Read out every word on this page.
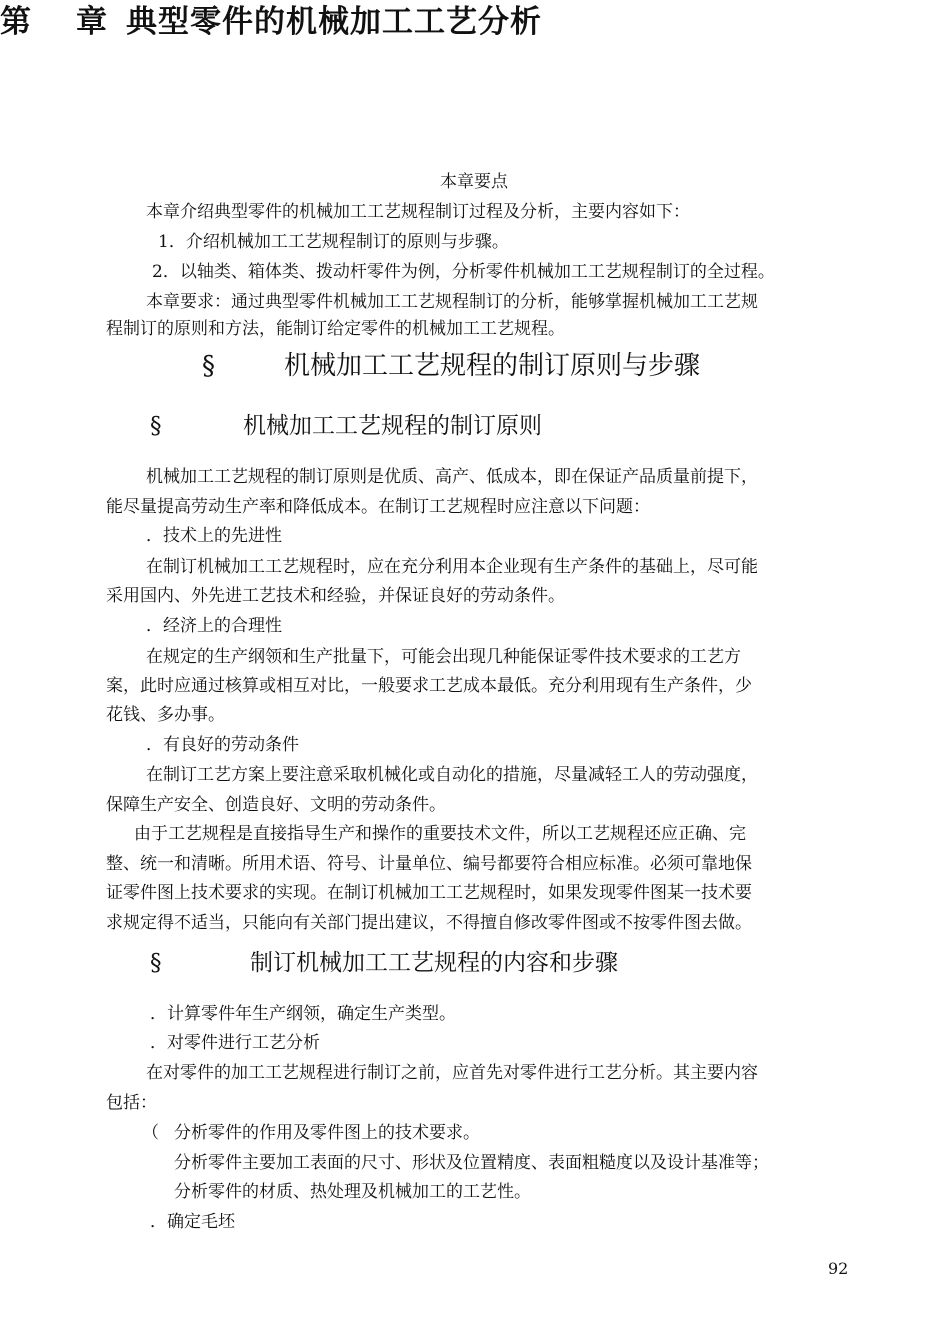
第 章 典型零件的机械加工工艺分析
本章要点
本章介绍典型零件的机械加工工艺规程制订过程及分析，主要内容如下：
1．介绍机械加工工艺规程制订的原则与步骤。
2．以轴类、箱体类、拨动杆零件为例，分析零件机械加工工艺规程制订的全过程。
本章要求：通过典型零件机械加工工艺规程制订的分析，能够掌握机械加工工艺规
程制订的原则和方法，能制订给定零件的机械加工工艺规程。
§	机械加工工艺规程的制订原则与步骤
§	机械加工工艺规程的制订原则
机械加工工艺规程的制订原则是优质、高产、低成本，即在保证产品质量前提下，
能尽量提高劳动生产率和降低成本。在制订工艺规程时应注意以下问题：
．技术上的先进性
在制订机械加工工艺规程时，应在充分利用本企业现有生产条件的基础上，尽可能
采用国内、外先进工艺技术和经验，并保证良好的劳动条件。
．经济上的合理性
在规定的生产纲领和生产批量下，可能会出现几种能保证零件技术要求的工艺方
案，此时应通过核算或相互对比，一般要求工艺成本最低。充分利用现有生产条件，少
花钱、多办事。
．有良好的劳动条件
在制订工艺方案上要注意采取机械化或自动化的措施，尽量减轻工人的劳动强度，
保障生产安全、创造良好、文明的劳动条件。
由于工艺规程是直接指导生产和操作的重要技术文件，所以工艺规程还应正确、完
整、统一和清晰。所用术语、符号、计量单位、编号都要符合相应标准。必须可靠地保
证零件图上技术要求的实现。在制订机械加工工艺规程时，如果发现零件图某一技术要
求规定得不适当，只能向有关部门提出建议，不得擅自修改零件图或不按零件图去做。
§	制订机械加工工艺规程的内容和步骤
．计算零件年生产纲领，确定生产类型。
．对零件进行工艺分析
在对零件的加工工艺规程进行制订之前，应首先对零件进行工艺分析。其主要内容
包括：
（ 分析零件的作用及零件图上的技术要求。
分析零件主要加工表面的尺寸、形状及位置精度、表面粗糙度以及设计基准等；
分析零件的材质、热处理及机械加工的工艺性。
．确定毛坯
92
